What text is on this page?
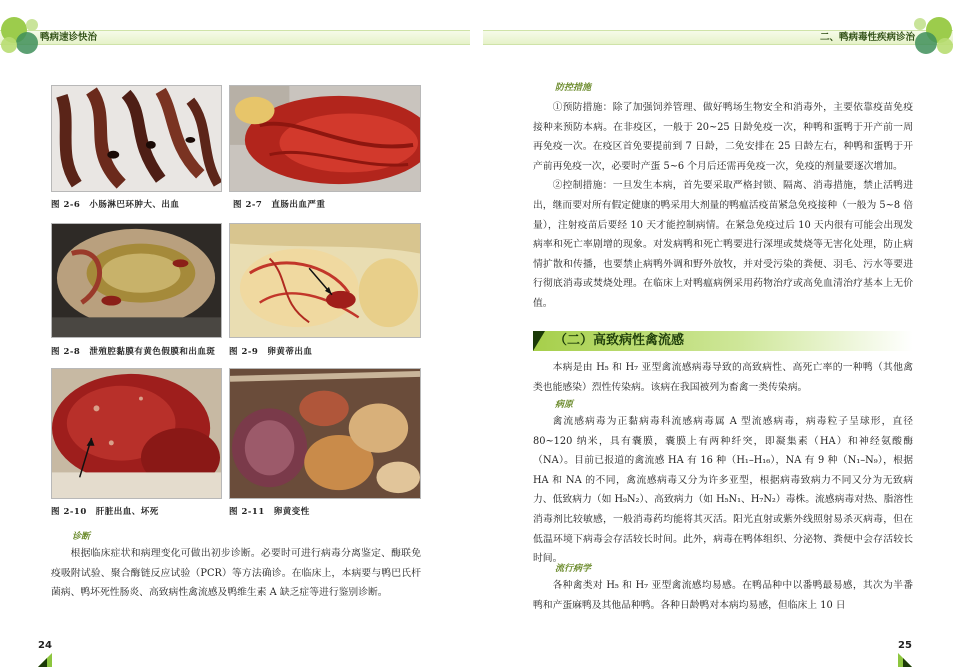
鸭病速诊快治	二、鸭病毒性疾病诊治
图 2-6　小肠淋巴环肿大、出血	图 2-7　直肠出血严重
图 2-8　泄殖腔黏膜有黄色假膜和出血斑 图 2-9　卵黄蒂出血
图 2-10　肝脏出血、坏死	图 2-11　卵黄变性
诊断

根据临床症状和病理变化可做出初步诊断。必要时可进行病毒分离鉴定、酶联免疫吸附试验、聚合酶链反应试验（PCR）等方法确诊。在临床上，本病要与鸭巴氏杆菌病、鸭坏死性肠炎、高致病性禽流感及鸭维生素 A 缺乏症等进行鉴别诊断。

防控措施

①预防措施：除了加强饲养管理、做好鸭场生物安全和消毒外，主要依靠疫苗免疫接种来预防本病。在非疫区，一般于 20~25 日龄免疫一次，种鸭和蛋鸭于开产前一周再免疫一次。在疫区首免要提前到 7 日龄，二免安排在 25 日龄左右，种鸭和蛋鸭于开产前再免疫一次，必要时产蛋 5~6 个月后还需再免疫一次，免疫的剂量要逐次增加。

②控制措施：一旦发生本病，首先要采取严格封锁、隔离、消毒措施，禁止活鸭进出，继而要对所有假定健康的鸭采用大剂量的鸭瘟活疫苗紧急免疫接种（一般为 5~8 倍量），注射疫苗后要经 10 天才能控制病情。在紧急免疫过后 10 天内很有可能会出现发病率和死亡率剧增的现象。对发病鸭和死亡鸭要进行深埋或焚烧等无害化处理，防止病情扩散和传播，也要禁止病鸭外调和野外放牧，并对受污染的粪便、羽毛、污水等要进行彻底消毒或焚烧处理。在临床上对鸭瘟病例采用药物治疗或高免血清治疗基本上无价值。

（二）高致病性禽流感

本病是由 H₅ 和 H₇ 亚型禽流感病毒导致的高致病性、高死亡率的一种鸭（其他禽类也能感染）烈性传染病。该病在我国被列为畜禽一类传染病。

病原

禽流感病毒为正黏病毒科流感病毒属 A 型流感病毒，病毒粒子呈球形，直径 80~120 纳米，具有囊膜，囊膜上有两种纤突，即凝集素（HA）和神经氨酸酶（NA）。目前已报道的禽流感 HA 有 16 种（H₁–H₁₆），NA 有 9 种（N₁–N₉），根据 HA 和 NA 的不同，禽流感病毒又分为许多亚型，根据病毒致病力不同又分为无致病力、低致病力（如 H₉N₂）、高致病力（如 H₅N₁、H₇N₂）毒株。流感病毒对热、脂溶性消毒剂比较敏感，一般消毒药均能将其灭活。阳光直射或紫外线照射易杀灭病毒，但在低温环境下病毒会存活较长时间。此外，病毒在鸭体组织、分泌物、粪便中会存活较长时间。

流行病学

各种禽类对 H₅ 和 H₇ 亚型禽流感均易感。在鸭品种中以番鸭最易感，其次为半番鸭和产蛋麻鸭及其他品种鸭。各种日龄鸭对本病均易感，但临床上 10 日

24	25
